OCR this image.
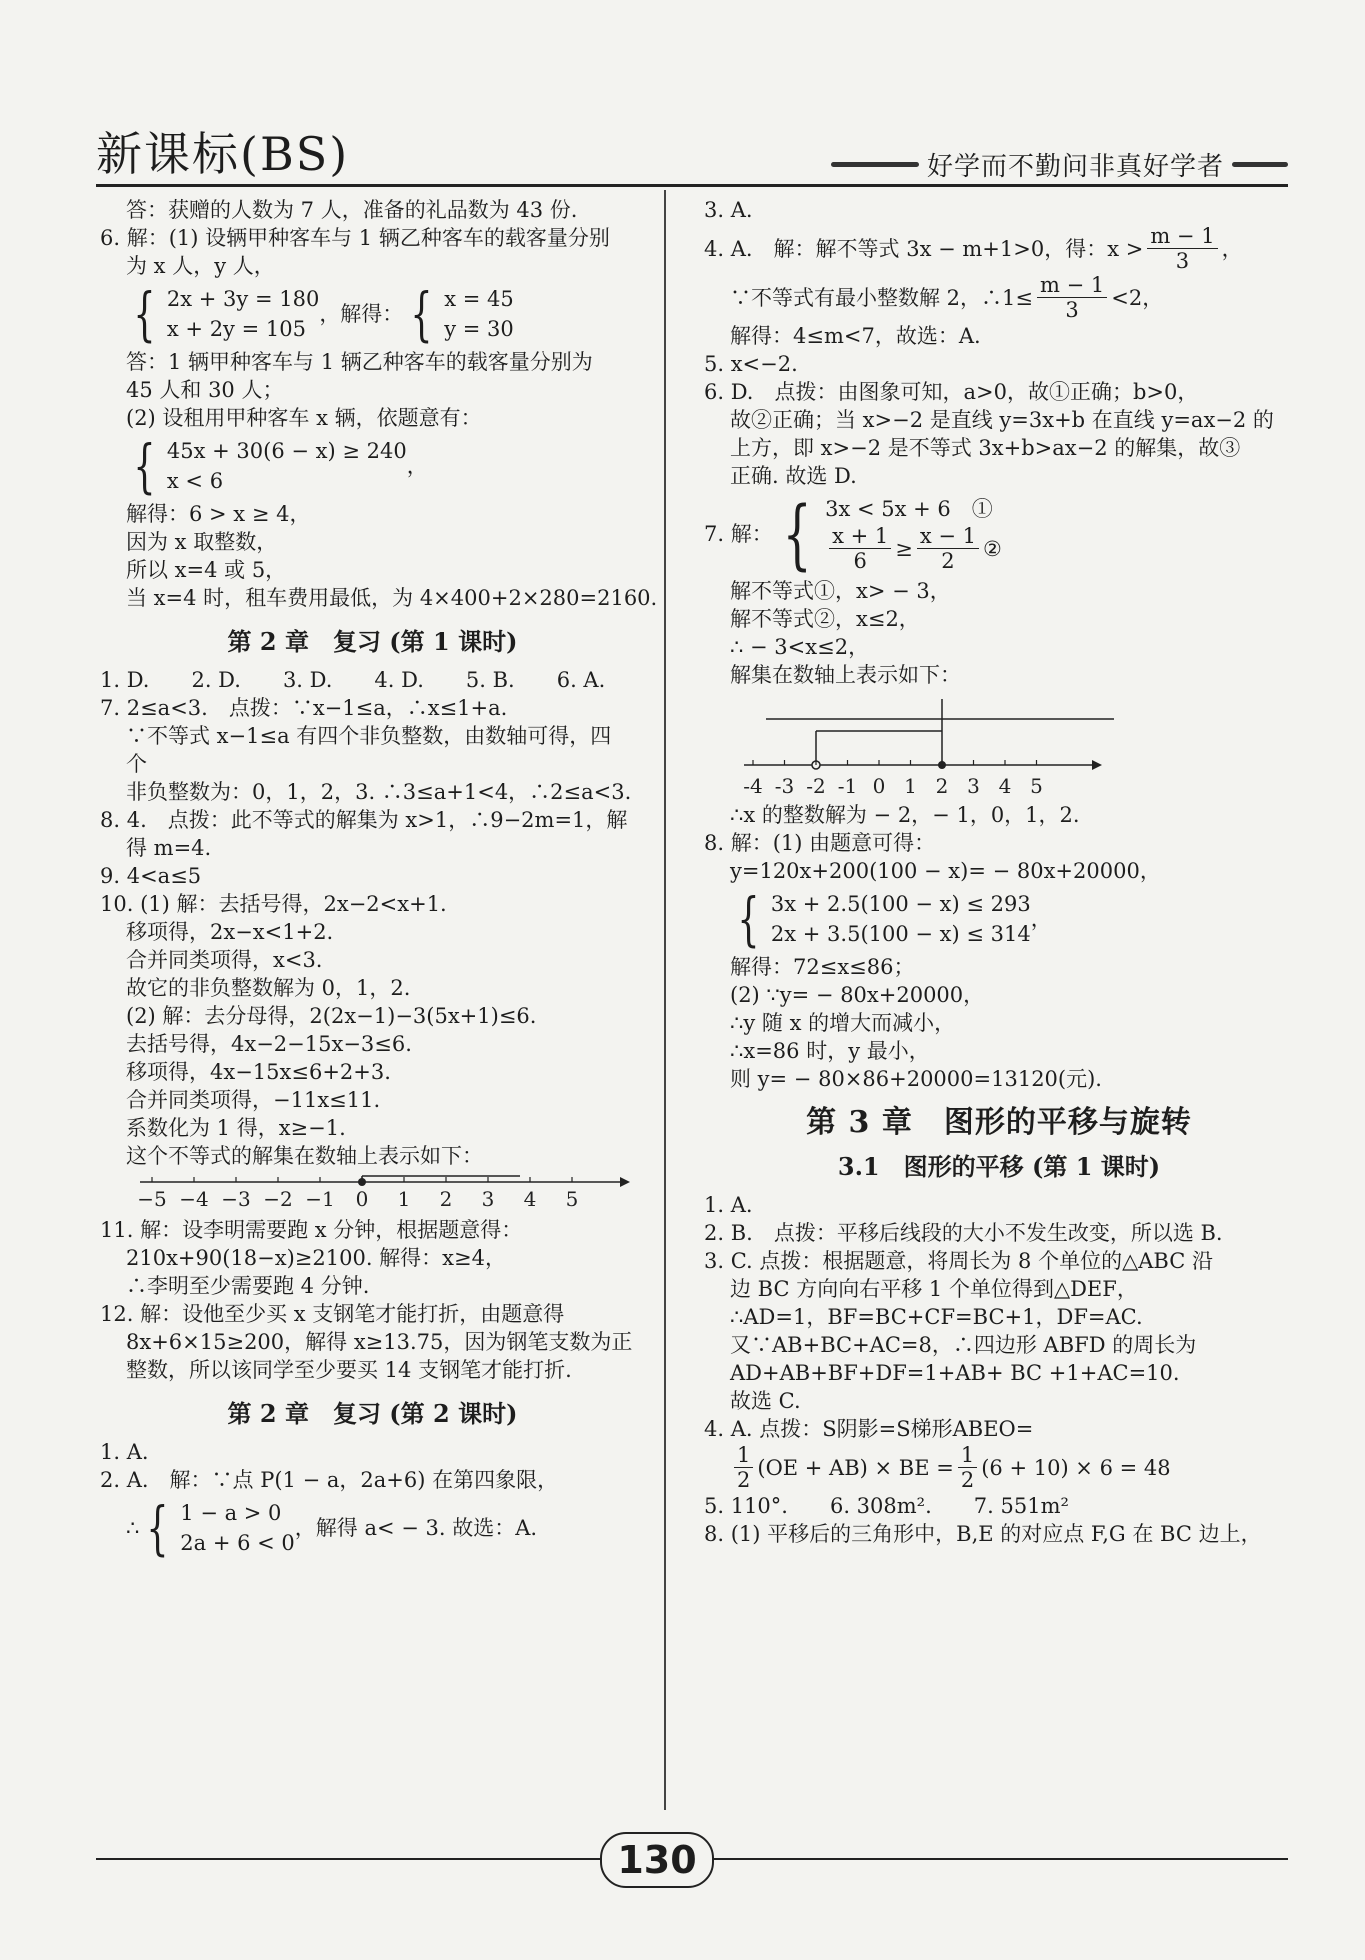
新课标(BS)	好学而不勤问非真好学者

答：获赠的人数为 7 人，准备的礼品数为 43 份.

6. 解：(1) 设辆甲种客车与 1 辆乙种客车的载客量分别

为 x 人，y 人，

{ 2x + 3y = 180

x + 2y = 105

，解得： { x = 45

y = 30

答：1 辆甲种客车与 1 辆乙种客车的载客量分别为

45 人和 30 人；

(2) 设租用甲种客车 x 辆，依题意有：

{ 45x + 30(6 − x) ≥ 240

x < 6

，

解得：6 > x ≥ 4，

因为 x 取整数，

所以 x=4 或 5，

当 x=4 时，租车费用最低，为 4×400+2×280=2160.

第 2 章　复习 (第 1 课时)

1. D.　　2. D.　　3. D.　　4. D.　　5. B.　　6. A.

7. 2≤a<3.　点拨：∵x−1≤a，∴x≤1+a.

∵不等式 x−1≤a 有四个非负整数，由数轴可得，四

个

非负整数为：0，1，2，3. ∴3≤a+1<4，∴2≤a<3.

8. 4.　点拨：此不等式的解集为 x>1，∴9−2m=1，解

得 m=4.

9. 4<a≤5

10. (1) 解：去括号得，2x−2<x+1.

移项得，2x−x<1+2.

合并同类项得，x<3.

故它的非负整数解为 0，1，2.

(2) 解：去分母得，2(2x−1)−3(5x+1)≤6.

去括号得，4x−2−15x−3≤6.

移项得，4x−15x≤6+2+3.

合并同类项得，−11x≤11.

系数化为 1 得，x≥−1.

这个不等式的解集在数轴上表示如下：

−5 −4 −3 −2 −1 0 1 2 3 4 5

11. 解：设李明需要跑 x 分钟，根据题意得：

210x+90(18−x)≥2100. 解得：x≥4，

∴李明至少需要跑 4 分钟.

12. 解：设他至少买 x 支钢笔才能打折，由题意得

8x+6×15≥200，解得 x≥13.75，因为钢笔支数为正

整数，所以该同学至少要买 14 支钢笔才能打折.

第 2 章　复习 (第 2 课时)

1. A.

2. A.　解：∵点 P(1 − a，2a+6) 在第四象限，

∴ { 1 − a > 0

2a + 6 < 0

，解得 a< − 3. 故选：A.

3. A.

4. A.　解：解不等式 3x − m+1>0，得：$x > \frac{m - 1}{3}$ ，

∵不等式有最小整数解 2，∴1≤ $\frac{m - 1}{3} <2$，

解得：4≤m<7，故选：A.

5. x<−2.

6. D.　点拨：由图象可知，a>0，故①正确；b>0，

故②正确；当 x>−2 是直线 y=3x+b 在直线 y=ax−2 的

上方，即 x>−2 是不等式 3x+b>ax−2 的解集，故③

正确. 故选 D.

7. 解： { 3x < 5x + 6　①

$\frac{x + 1}{6} \ge \frac{x - 1}{2}$ ②

解不等式①，x> − 3，

解不等式②，x≤2，

∴ − 3<x≤2，

解集在数轴上表示如下：

-4 -3 -2 -1 0 1 2 3 4 5

∴x 的整数解为 − 2，− 1，0，1，2.

8. 解：(1) 由题意可得：

y=120x+200(100 − x)= − 80x+20000，

{ 3x + 2.5(100 − x) ≤ 293

2x + 3.5(100 − x) ≤ 314

，

解得：72≤x≤86；

(2) ∵y= − 80x+20000，

∴y 随 x 的增大而减小，

∴x=86 时，y 最小，

则 y= − 80×86+20000=13120(元).

第 3 章　图形的平移与旋转

3.1　图形的平移 (第 1 课时)

1. A.

2. B.　点拨：平移后线段的大小不发生改变，所以选 B.

3. C. 点拨：根据题意，将周长为 8 个单位的△ABC 沿

边 BC 方向向右平移 1 个单位得到△DEF，

∴AD=1，BF=BC+CF=BC+1，DF=AC.

又∵AB+BC+AC=8，∴四边形 ABFD 的周长为

AD+AB+BF+DF=1+AB+ BC +1+AC=10.

故选 C.

4. A. 点拨：S阴影=S梯形ABEO=

$\frac{1}{2} (OE + AB)$ × BE = $\frac{1}{2} (6 + 10) \times 6 = 48$

5. 110°.　　6. 308m².　　7. 551m²

8. (1) 平移后的三角形中，B,E 的对应点 F,G 在 BC 边上，

130
